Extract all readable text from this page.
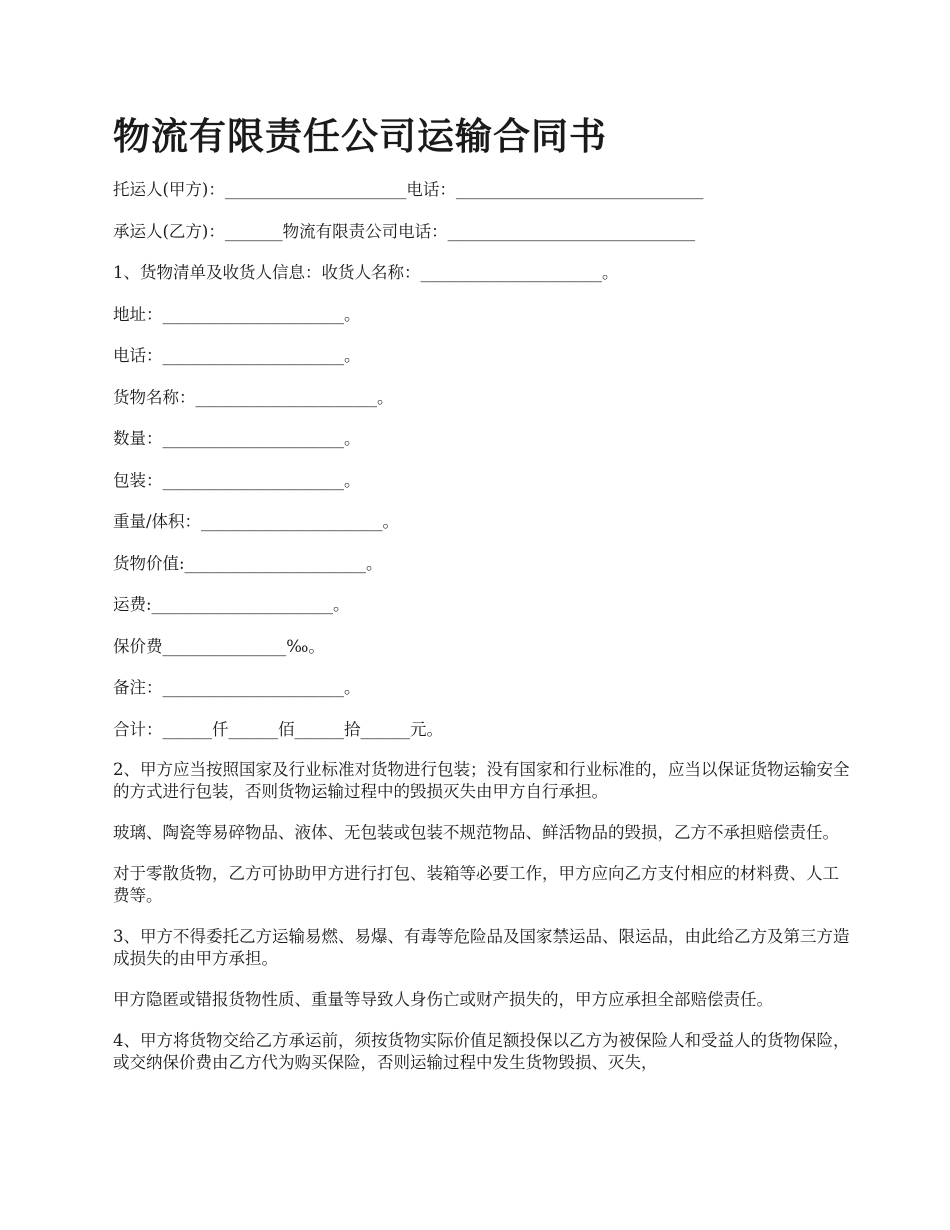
物流有限责任公司运输合同书
托运人(甲方)：______________________电话：______________________________
承运人(乙方)：_______物流有限责公司电话：______________________________
1、货物清单及收货人信息：收货人名称：______________________。
地址：______________________。
电话：______________________。
货物名称：______________________。
数量：______________________。
包装：______________________。
重量/体积：______________________。
货物价值:______________________。
运费:______________________。
保价费_______________‰。
备注：______________________。
合计：______仟______佰______拾______元。

2、甲方应当按照国家及行业标准对货物进行包装；没有国家和行业标准的，应当以保证货物运输安全的方式进行包装，否则货物运输过程中的毁损灭失由甲方自行承担。

玻璃、陶瓷等易碎物品、液体、无包装或包装不规范物品、鲜活物品的毁损，乙方不承担赔偿责任。

对于零散货物，乙方可协助甲方进行打包、装箱等必要工作，甲方应向乙方支付相应的材料费、人工费等。

3、甲方不得委托乙方运输易燃、易爆、有毒等危险品及国家禁运品、限运品，由此给乙方及第三方造成损失的由甲方承担。

甲方隐匿或错报货物性质、重量等导致人身伤亡或财产损失的，甲方应承担全部赔偿责任。

4、甲方将货物交给乙方承运前，须按货物实际价值足额投保以乙方为被保险人和受益人的货物保险，或交纳保价费由乙方代为购买保险，否则运输过程中发生货物毁损、灭失，
